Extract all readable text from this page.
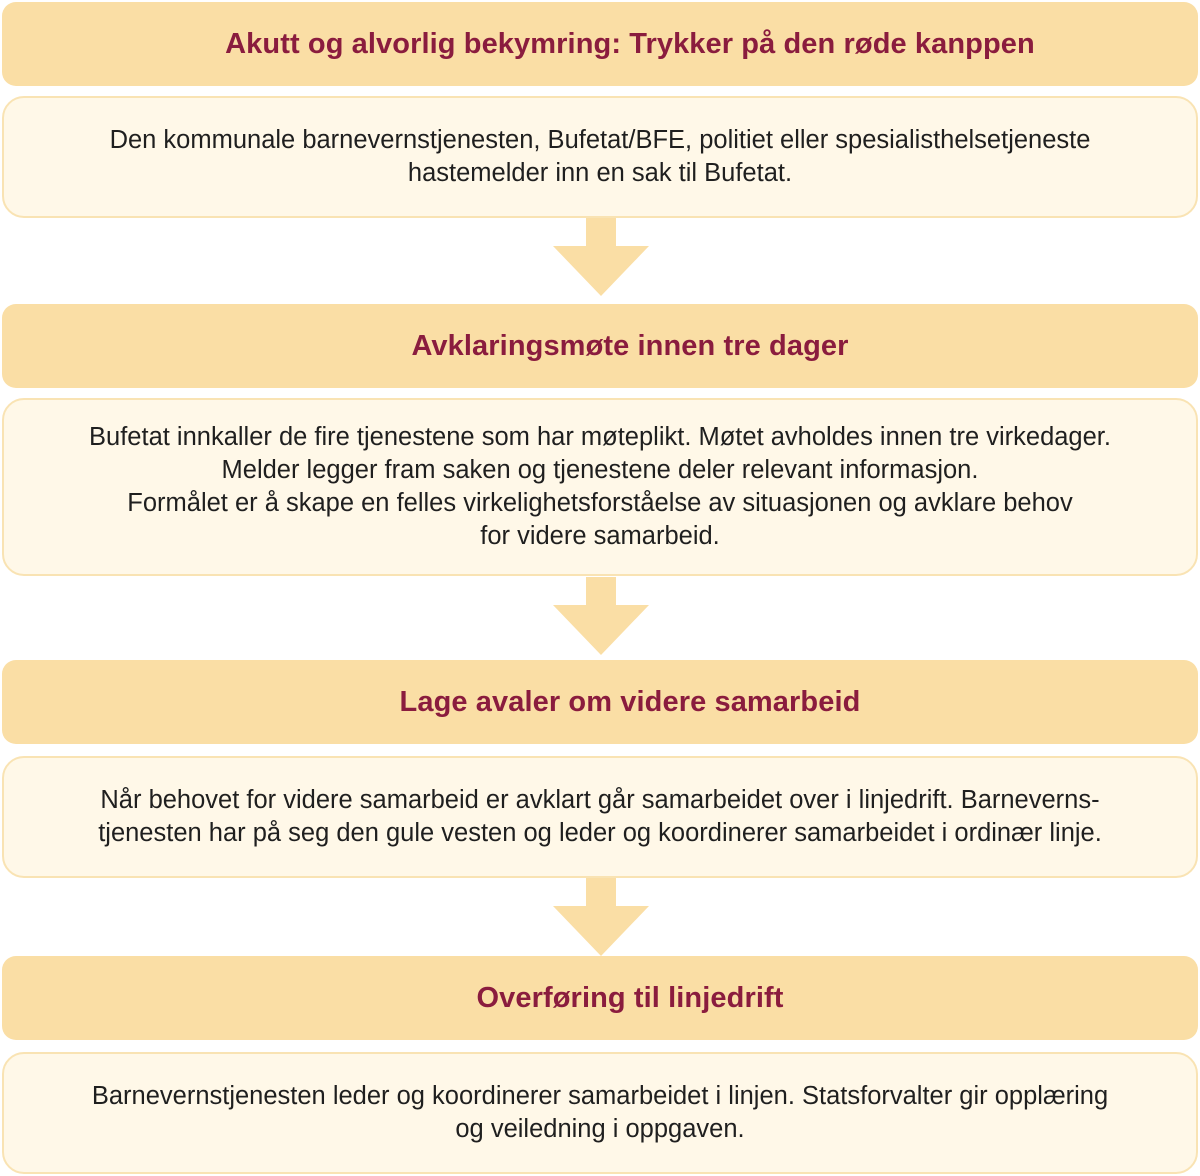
Akutt og alvorlig bekymring: Trykker på den røde kanppen
Den kommunale barnevernstjenesten, Bufetat/BFE, politiet eller spesialisthelsetjeneste
hastemelder inn en sak til Bufetat.
Avklaringsmøte innen tre dager
Bufetat innkaller de fire tjenestene som har møteplikt. Møtet avholdes innen tre virkedager.
Melder legger fram saken og tjenestene deler relevant informasjon.
Formålet er å skape en felles virkelighetsforståelse av situasjonen og avklare behov
for videre samarbeid.
Lage avaler om videre samarbeid
Når behovet for videre samarbeid er avklart går samarbeidet over i linjedrift. Barneverns-
tjenesten har på seg den gule vesten og leder og koordinerer samarbeidet i ordinær linje.
Overføring til linjedrift
Barnevernstjenesten leder og koordinerer samarbeidet i linjen. Statsforvalter gir opplæring
og veiledning i oppgaven.
